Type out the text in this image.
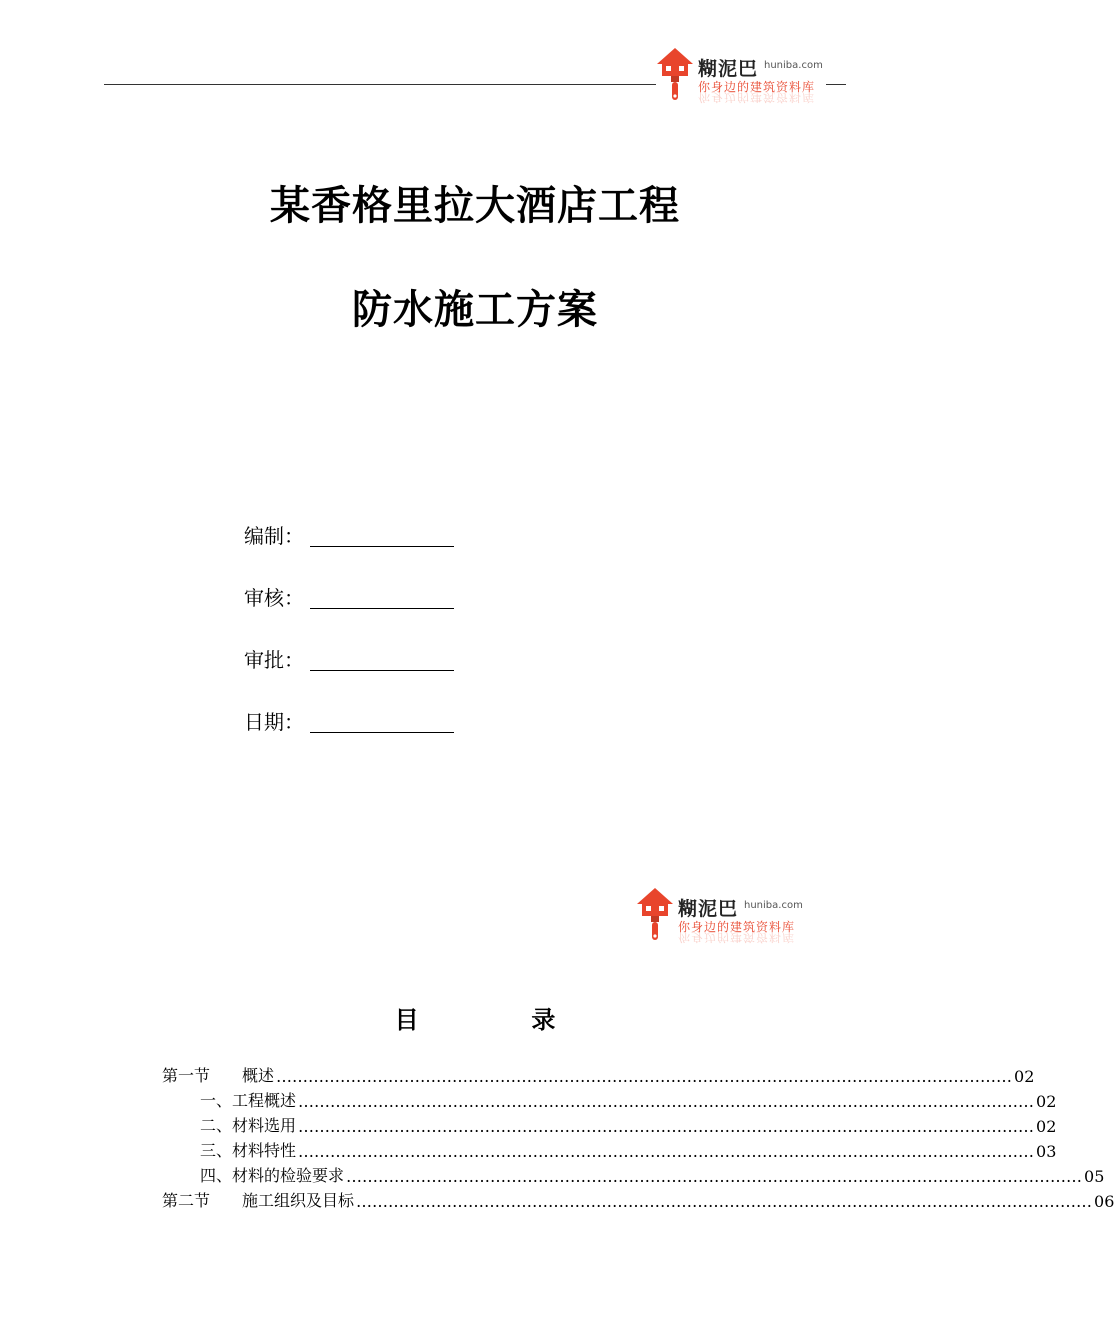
糊泥巴 huniba.com
你身边的建筑资料库
你身边的建筑资料库
某香格里拉大酒店工程
防水施工方案
编制：
审核：
审批：
日期：
糊泥巴 huniba.com
你身边的建筑资料库
你身边的建筑资料库
目	录
第一节　　概述 ………………………………………………………………………………………………………………………… 02
一、工程概述 ………………………………………………………………………………………………………………………… 02
二、材料选用 ………………………………………………………………………………………………………………………… 02
三、材料特性 ………………………………………………………………………………………………………………………… 03
四、材料的检验要求 ………………………………………………………………………………………………………………………… 05
第二节　　施工组织及目标 ………………………………………………………………………………………………………………………… 06
